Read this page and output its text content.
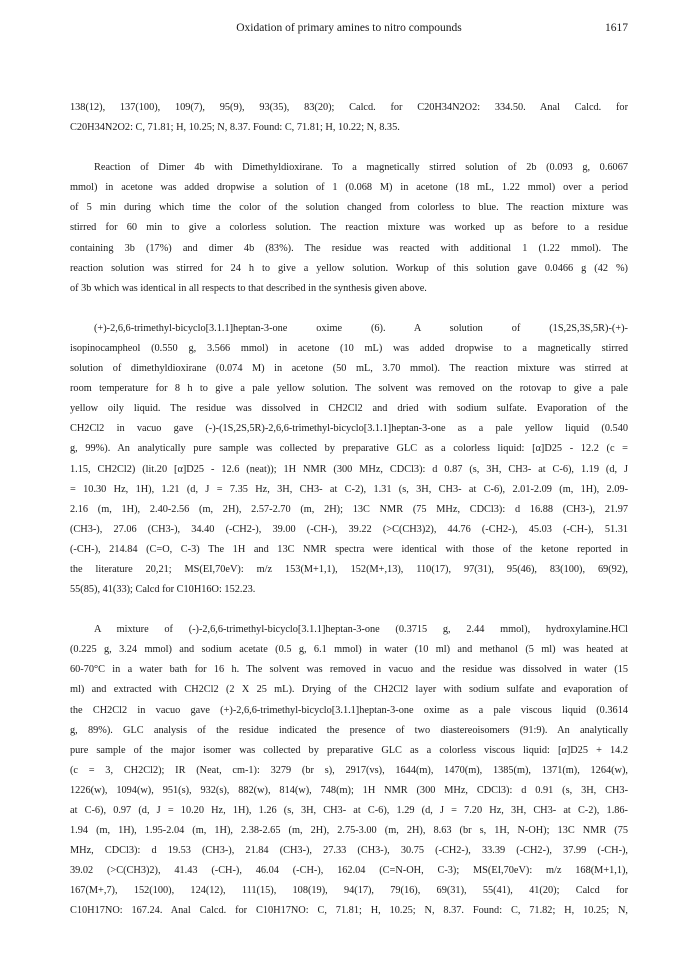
Oxidation of primary amines to nitro compounds	1617
138(12), 137(100), 109(7), 95(9), 93(35), 83(20); Calcd. for C20H34N2O2: 334.50. Anal Calcd. for
C20H34N2O2: C, 71.81; H, 10.25; N, 8.37. Found: C, 71.81; H, 10.22; N, 8.35.
Reaction of Dimer 4b with Dimethyldioxirane. To a magnetically stirred solution of 2b (0.093 g, 0.6067
mmol) in acetone was added dropwise a solution of 1 (0.068 M) in acetone (18 mL, 1.22 mmol) over a period
of 5 min during which time the color of the solution changed from colorless to blue. The reaction mixture was
stirred for 60 min to give a colorless solution. The reaction mixture was worked up as before to a residue
containing 3b (17%) and dimer 4b (83%). The residue was reacted with additional 1 (1.22 mmol). The
reaction solution was stirred for 24 h to give a yellow solution. Workup of this solution gave 0.0466 g (42 %)
of 3b which was identical in all respects to that described in the synthesis given above.
(+)-2,6,6-trimethyl-bicyclo[3.1.1]heptan-3-one oxime (6). A solution of (1S,2S,3S,5R)-(+)-
isopinocampheol (0.550 g, 3.566 mmol) in acetone (10 mL) was added dropwise to a magnetically stirred
solution of dimethyldioxirane (0.074 M) in acetone (50 mL, 3.70 mmol). The reaction mixture was stirred at
room temperature for 8 h to give a pale yellow solution. The solvent was removed on the rotovap to give a pale
yellow oily liquid. The residue was dissolved in CH2Cl2 and dried with sodium sulfate. Evaporation of the
CH2Cl2 in vacuo gave (-)-(1S,2S,5R)-2,6,6-trimethyl-bicyclo[3.1.1]heptan-3-one as a pale yellow liquid (0.540
g, 99%). An analytically pure sample was collected by preparative GLC as a colorless liquid: [α]D25 - 12.2 (c =
1.15, CH2Cl2) (lit.20 [α]D25 - 12.6 (neat)); 1H NMR (300 MHz, CDCl3): d 0.87 (s, 3H, CH3- at C-6), 1.19 (d, J
= 10.30 Hz, 1H), 1.21 (d, J = 7.35 Hz, 3H, CH3- at C-2), 1.31 (s, 3H, CH3- at C-6), 2.01-2.09 (m, 1H), 2.09-
2.16 (m, 1H), 2.40-2.56 (m, 2H), 2.57-2.70 (m, 2H); 13C NMR (75 MHz, CDCl3): d 16.88 (CH3-), 21.97
(CH3-), 27.06 (CH3-), 34.40 (-CH2-), 39.00 (-CH-), 39.22 (>C(CH3)2), 44.76 (-CH2-), 45.03 (-CH-), 51.31
(-CH-), 214.84 (C=O, C-3) The 1H and 13C NMR spectra were identical with those of the ketone reported in
the literature 20,21; MS(EI,70eV): m/z 153(M+1,1), 152(M+,13), 110(17), 97(31), 95(46), 83(100), 69(92),
55(85), 41(33); Calcd for C10H16O: 152.23.
A mixture of (-)-2,6,6-trimethyl-bicyclo[3.1.1]heptan-3-one (0.3715 g, 2.44 mmol), hydroxylamine.HCl
(0.225 g, 3.24 mmol) and sodium acetate (0.5 g, 6.1 mmol) in water (10 ml) and methanol (5 ml) was heated at
60-70°C in a water bath for 16 h. The solvent was removed in vacuo and the residue was dissolved in water (15
ml) and extracted with CH2Cl2 (2 X 25 mL). Drying of the CH2Cl2 layer with sodium sulfate and evaporation of
the CH2Cl2 in vacuo gave (+)-2,6,6-trimethyl-bicyclo[3.1.1]heptan-3-one oxime as a pale viscous liquid (0.3614
g, 89%). GLC analysis of the residue indicated the presence of two diastereoisomers (91:9). An analytically
pure sample of the major isomer was collected by preparative GLC as a colorless viscous liquid: [α]D25 + 14.2
(c = 3, CH2Cl2); IR (Neat, cm-1): 3279 (br s), 2917(vs), 1644(m), 1470(m), 1385(m), 1371(m), 1264(w),
1226(w), 1094(w), 951(s), 932(s), 882(w), 814(w), 748(m); 1H NMR (300 MHz, CDCl3): d 0.91 (s, 3H, CH3-
at C-6), 0.97 (d, J = 10.20 Hz, 1H), 1.26 (s, 3H, CH3- at C-6), 1.29 (d, J = 7.20 Hz, 3H, CH3- at C-2), 1.86-
1.94 (m, 1H), 1.95-2.04 (m, 1H), 2.38-2.65 (m, 2H), 2.75-3.00 (m, 2H), 8.63 (br s, 1H, N-OH); 13C NMR (75
MHz, CDCl3): d 19.53 (CH3-), 21.84 (CH3-), 27.33 (CH3-), 30.75 (-CH2-), 33.39 (-CH2-), 37.99 (-CH-),
39.02 (>C(CH3)2), 41.43 (-CH-), 46.04 (-CH-), 162.04 (C=N-OH, C-3); MS(EI,70eV): m/z 168(M+1,1),
167(M+,7), 152(100), 124(12), 111(15), 108(19), 94(17), 79(16), 69(31), 55(41), 41(20); Calcd for
C10H17NO: 167.24. Anal Calcd. for C10H17NO: C, 71.81; H, 10.25; N, 8.37. Found: C, 71.82; H, 10.25; N,
